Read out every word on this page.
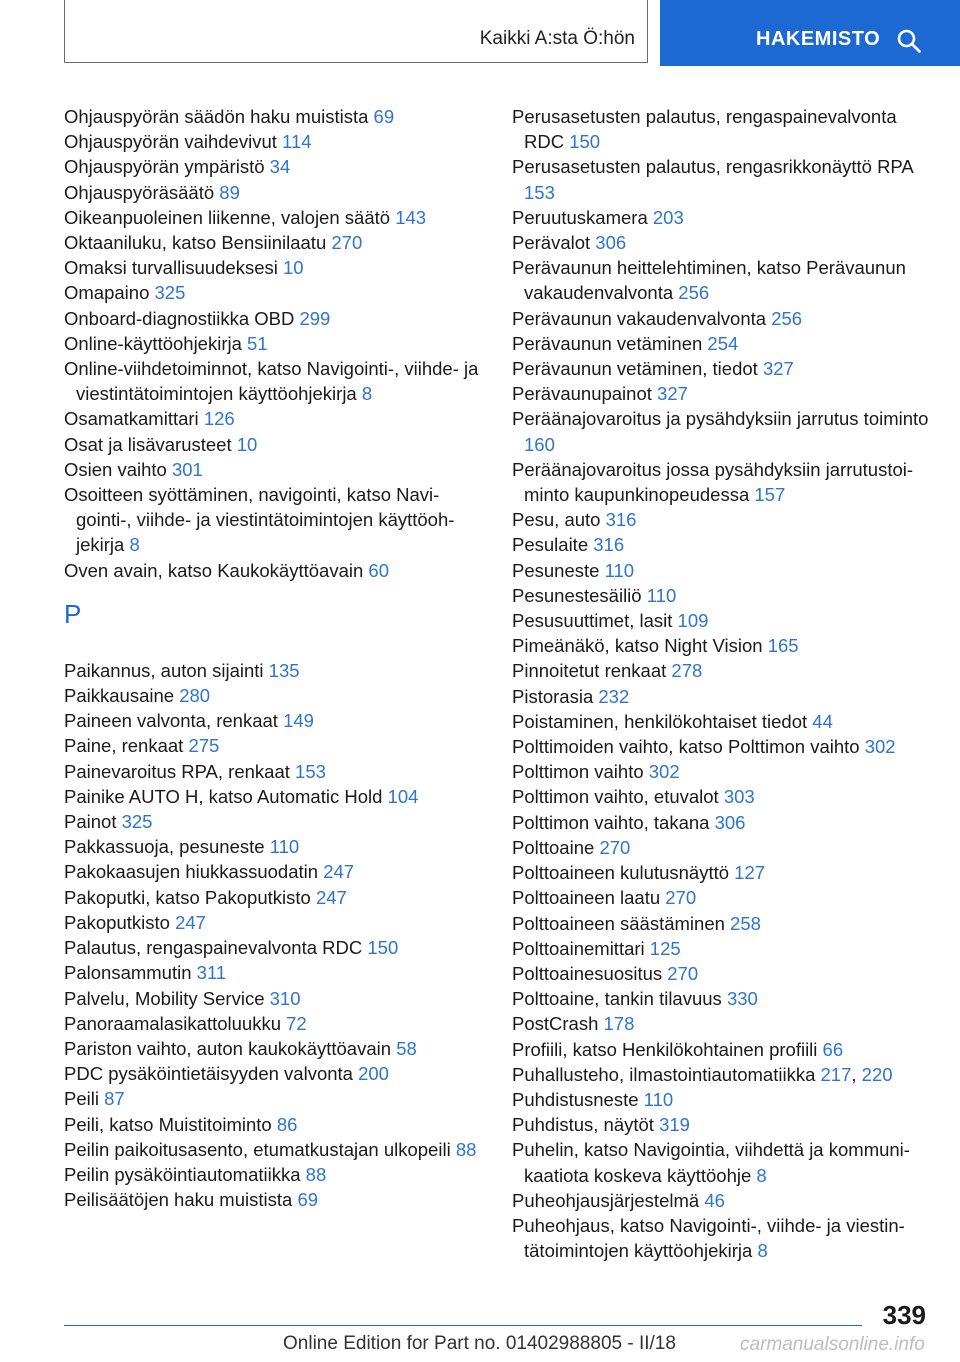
Kaikki A:sta Ö:hön	HAKEMISTO
Ohjauspyörän säädön haku muistista 69
Ohjauspyörän vaihdevivut 114
Ohjauspyörän ympäristö 34
Ohjauspyöräsäätö 89
Oikeanpuoleinen liikenne, valojen säätö 143
Oktaaniluku, katso Bensiinilaatu 270
Omaksi turvallisuudeksesi 10
Omapaino 325
Onboard-diagnostiikka OBD 299
Online-käyttöohjekirja 51
Online-viihdetoiminnot, katso Navigointi-, viihde- ja viestintätoimintojen käyttöohjekirja 8
Osamatkamittari 126
Osat ja lisävarusteet 10
Osien vaihto 301
Osoitteen syöttäminen, navigointi, katso Navigointi-, viihde- ja viestintätoimintojen käyttöohjekirja 8
Oven avain, katso Kaukokäyttöavain 60
P
Paikannus, auton sijainti 135
Paikkausaine 280
Paineen valvonta, renkaat 149
Paine, renkaat 275
Painevaroitus RPA, renkaat 153
Painike AUTO H, katso Automatic Hold 104
Painot 325
Pakkassuoja, pesuneste 110
Pakokaasujen hiukkassuodatin 247
Pakoputki, katso Pakoputkisto 247
Pakoputkisto 247
Palautus, rengaspainevalvonta RDC 150
Palonsammutin 311
Palvelu, Mobility Service 310
Panoraamalasikattoluukku 72
Pariston vaihto, auton kaukokäyttöavain 58
PDC pysäköintietäisyyden valvonta 200
Peili 87
Peili, katso Muistitoiminto 86
Peilin paikoitusasento, etumatkustajan ulkopeili 88
Peilin pysäköintiautomatiikka 88
Peilisäätöjen haku muistista 69
Perusasetusten palautus, rengaspainevalvonta RDC 150
Perusasetusten palautus, rengasrikkonäyttö RPA 153
Peruutuskamera 203
Perävalot 306
Perävaunun heittelehtiminen, katso Perävaunun vakaudenvalvonta 256
Perävaunun vakaudenvalvonta 256
Perävaunun vetäminen 254
Perävaunun vetäminen, tiedot 327
Perävaunupainot 327
Peräänajovaroitus ja pysähdyksiin jarrutus toiminto 160
Peräänajovaroitus jossa pysähdyksiin jarrutustoiminto kaupunkinopeudessa 157
Pesu, auto 316
Pesulaite 316
Pesuneste 110
Pesunestesäiliö 110
Pesusuuttimet, lasit 109
Pimeänäkö, katso Night Vision 165
Pinnoitetut renkaat 278
Pistorasia 232
Poistaminen, henkilökohtaiset tiedot 44
Polttimoiden vaihto, katso Polttimon vaihto 302
Polttimon vaihto 302
Polttimon vaihto, etuvalot 303
Polttimon vaihto, takana 306
Polttoaine 270
Polttoaineen kulutusnäyttö 127
Polttoaineen laatu 270
Polttoaineen säästäminen 258
Polttoainemittari 125
Polttoainesuositus 270
Polttoaine, tankin tilavuus 330
PostCrash 178
Profiili, katso Henkilökohtainen profiili 66
Puhallusteho, ilmastointiautomatiikka 217, 220
Puhdistusneste 110
Puhdistus, näytöt 319
Puhelin, katso Navigointia, viihdettä ja kommunikaatiota koskeva käyttöohje 8
Puheohjausjärjestelmä 46
Puheohjaus, katso Navigointi-, viihde- ja viestintätoimintojen käyttöohjekirja 8
339
Online Edition for Part no. 01402988805 - II/18	carmanualsonline.info
